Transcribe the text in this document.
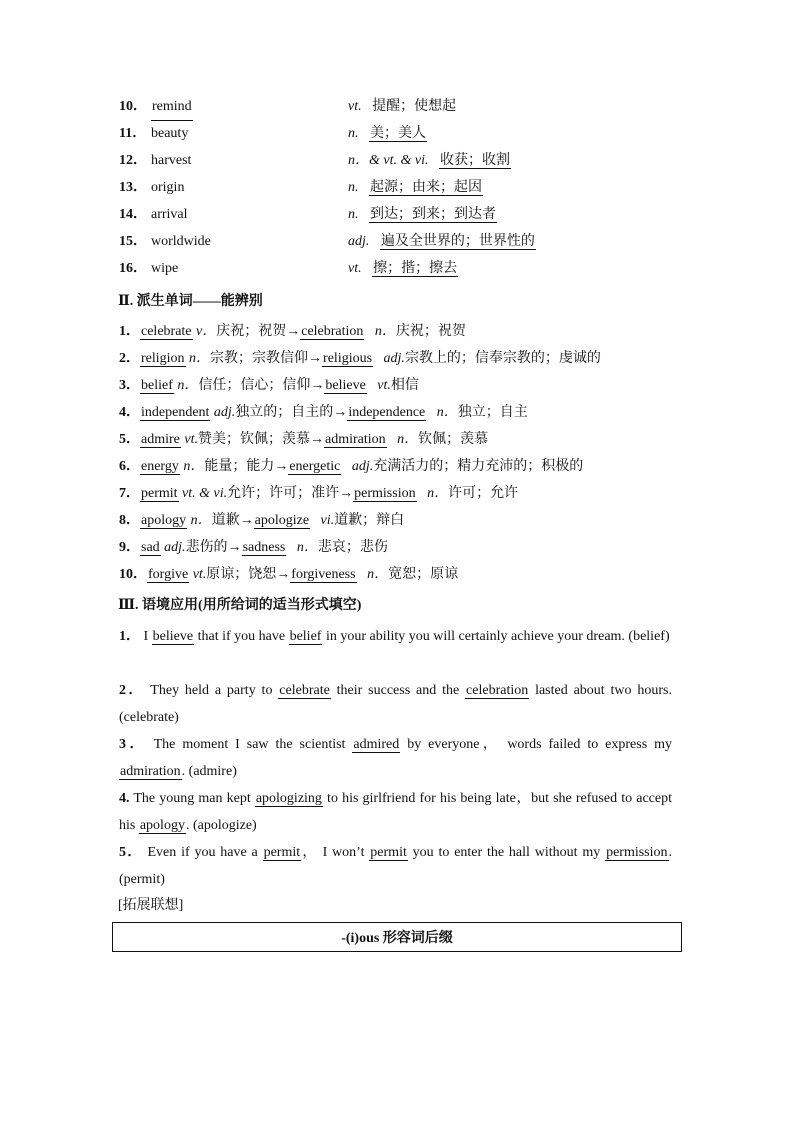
10． remind	vt. 提醒；使想起
11． beauty	n. 美；美人
12． harvest	n．& vt. & vi. 收获；收割
13． origin	n. 起源；由来；起因
14． arrival	n. 到达；到来；到达者
15． worldwide	adj. 遍及全世界的；世界性的
16． wipe	vt. 擦；揩；擦去
Ⅱ. 派生单词——能辨别
1．celebrate v．庆祝；祝贺→celebration n．庆祝；祝贺
2．religion n．宗教；宗教信仰→religious adj.宗教上的；信奉宗教的；虔诚的
3．belief n．信任；信心；信仰→believe vt.相信
4．independent adj.独立的；自主的→independence n．独立；自主
5．admire vt.赞美；钦佩；羡慕→admiration n．钦佩；羡慕
6．energy n．能量；能力→energetic adj.充满活力的；精力充沛的；积极的
7．permit vt. & vi.允许；许可；准许→permission n．许可；允许
8．apology n．道歉→apologize vi.道歉；辩白
9．sad adj.悲伤的→sadness n．悲哀；悲伤
10．forgive vt.原谅；饶恕→forgiveness n．宽恕；原谅
Ⅲ. 语境应用(用所给词的适当形式填空)
1． I believe that if you have belief in your ability you will certainly achieve your dream. (belief)
2． They held a party to celebrate their success and the celebration lasted about two hours. (celebrate)
3． The moment I saw the scientist admired by everyone， words failed to express my admiration. (admire)
4. The young man kept apologizing to his girlfriend for his being late，but she refused to accept his apology. (apologize)
5． Even if you have a permit， I won’t permit you to enter the hall without my permission. (permit)
[拓展联想]
-(i)ous 形容词后缀
